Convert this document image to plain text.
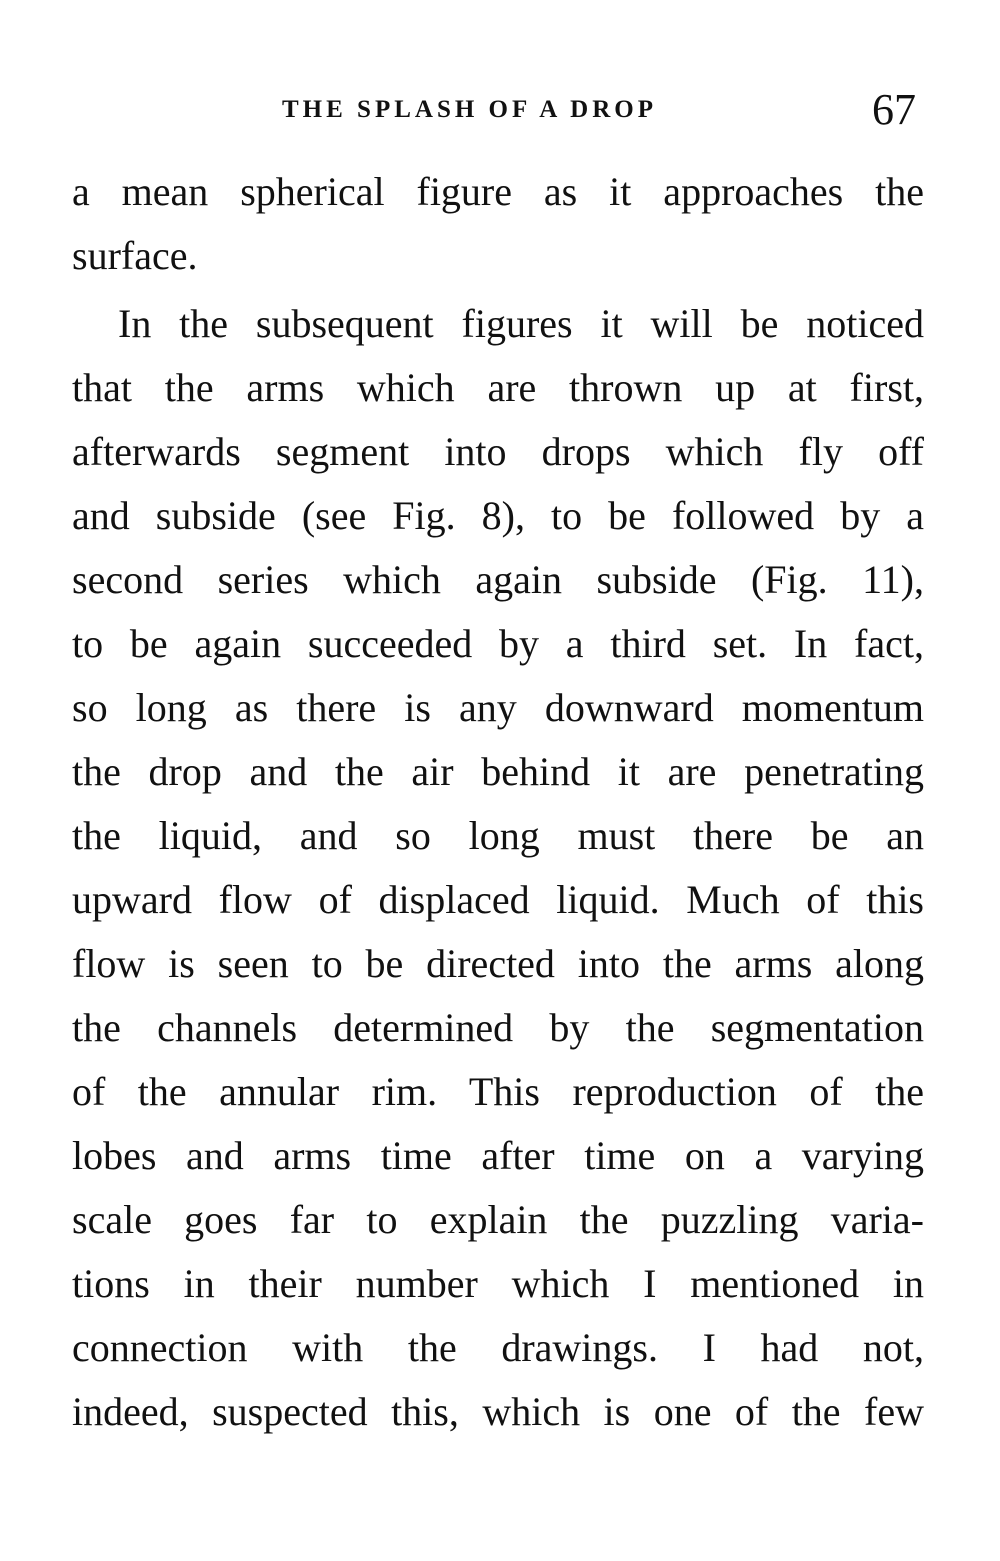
THE SPLASH OF A DROP	67
a mean spherical figure as it approaches the
surface.
In the subsequent figures it will be noticed
that the arms which are thrown up at first,
afterwards segment into drops which fly off
and subside (see Fig. 8), to be followed by a
second series which again subside (Fig. 11),
to be again succeeded by a third set. In fact,
so long as there is any downward momentum
the drop and the air behind it are penetrating
the liquid, and so long must there be an
upward flow of displaced liquid. Much of this
flow is seen to be directed into the arms along
the channels determined by the segmentation
of the annular rim. This reproduction of the
lobes and arms time after time on a varying
scale goes far to explain the puzzling varia-
tions in their number which I mentioned in
connection with the drawings. I had not,
indeed, suspected this, which is one of the few
